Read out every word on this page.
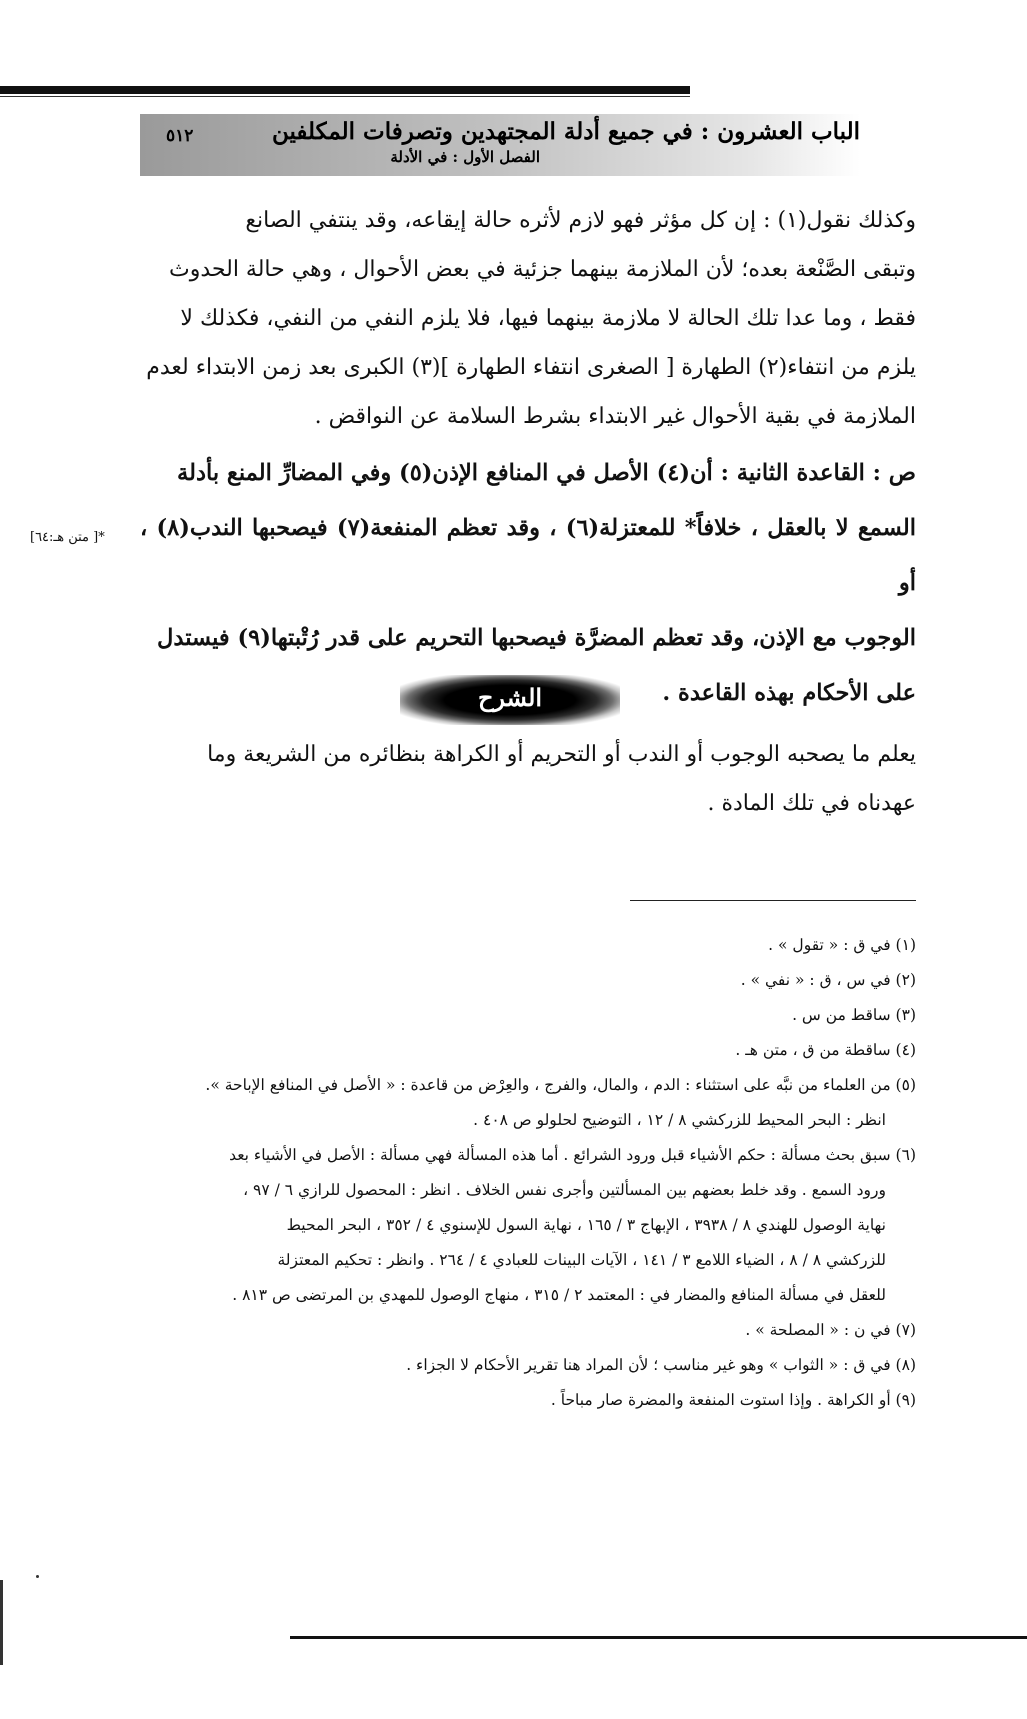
الباب العشرون : في جميع أدلة المجتهدين وتصرفات المكلفين
الفصل الأول : في الأدلة
٥١٢
وكذلك نقول(١) : إن كل مؤثر فهو لازم لأثره حالة إيقاعه، وقد ينتفي الصانع
وتبقى الصَّنْعة بعده؛ لأن الملازمة بينهما جزئية في بعض الأحوال ، وهي حالة الحدوث
فقط ، وما عدا تلك الحالة لا ملازمة بينهما فيها، فلا يلزم النفي من النفي، فكذلك لا
يلزم من انتفاء(٢) الطهارة [ الصغرى انتفاء الطهارة ](٣) الكبرى بعد زمن الابتداء لعدم
الملازمة في بقية الأحوال غير الابتداء بشرط السلامة عن النواقض .
ص : القاعدة الثانية : أن(٤) الأصل في المنافع الإذن(٥) وفي المضارِّ المنع بأدلة
السمع لا بالعقل ، خلافاً* للمعتزلة(٦) ، وقد تعظم المنفعة(٧) فيصحبها الندب(٨) ، أو
الوجوب مع الإذن، وقد تعظم المضرَّة فيصحبها التحريم على قدر رُتْبتها(٩) فيستدل
على الأحكام بهذه القاعدة .
*[ متن هـ:٦٤]
الشرح
يعلم ما يصحبه الوجوب أو الندب أو التحريم أو الكراهة بنظائره من الشريعة وما
عهدناه في تلك المادة .
(١) في ق : « تقول » .
(٢) في س ، ق : « نفي » .
(٣) ساقط من س .
(٤) ساقطة من ق ، متن هـ .
(٥) من العلماء من نبَّه على استثناء : الدم ، والمال، والفرج ، والعِرْض من قاعدة : « الأصل في المنافع الإباحة ».
انظر : البحر المحيط للزركشي ٨ / ١٢ ، التوضيح لحلولو ص ٤٠٨ .
(٦) سبق بحث مسألة : حكم الأشياء قبل ورود الشرائع . أما هذه المسألة فهي مسألة : الأصل في الأشياء بعد
ورود السمع . وقد خلط بعضهم بين المسألتين وأجرى نفس الخلاف . انظر : المحصول للرازي ٦ / ٩٧ ،
نهاية الوصول للهندي ٨ / ٣٩٣٨ ، الإبهاج ٣ / ١٦٥ ، نهاية السول للإسنوي ٤ / ٣٥٢ ، البحر المحيط
للزركشي ٨ / ٨ ، الضياء اللامع ٣ / ١٤١ ، الآيات البينات للعبادي ٤ / ٢٦٤ . وانظر : تحكيم المعتزلة
للعقل في مسألة المنافع والمضار في : المعتمد ٢ / ٣١٥ ، منهاج الوصول للمهدي بن المرتضى ص ٨١٣ .
(٧) في ن : « المصلحة » .
(٨) في ق : « الثواب » وهو غير مناسب ؛ لأن المراد هنا تقرير الأحكام لا الجزاء .
(٩) أو الكراهة . وإذا استوت المنفعة والمضرة صار مباحاً .
